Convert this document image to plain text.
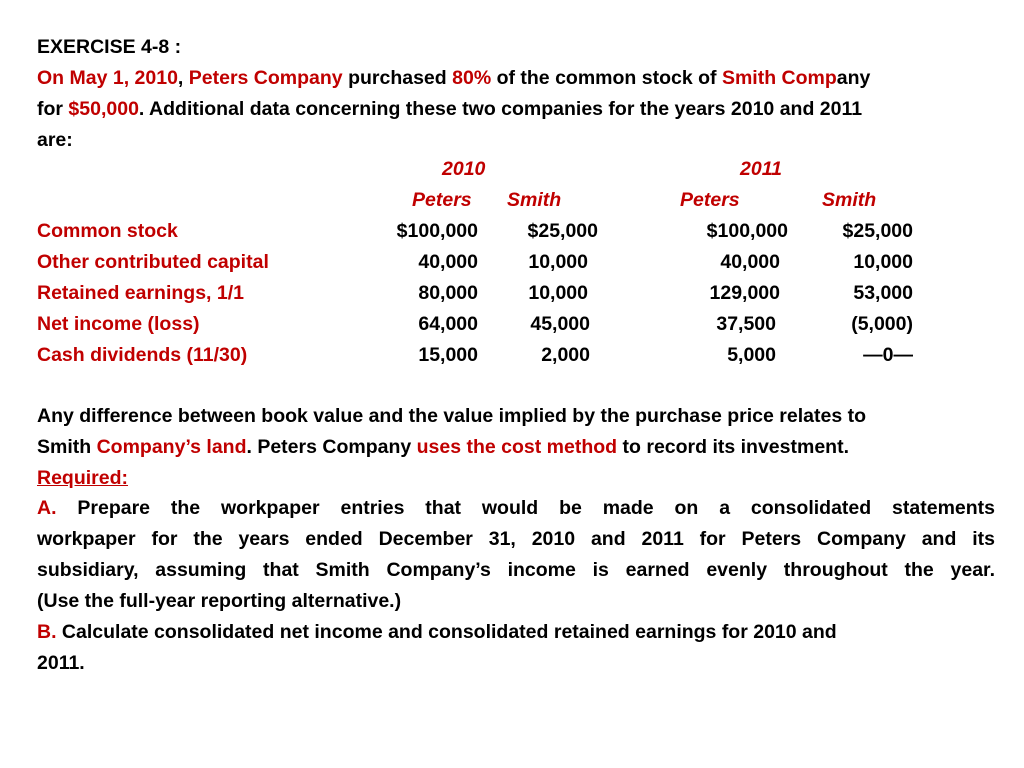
EXERCISE 4-8 :
On May 1, 2010, Peters Company purchased 80% of the common stock of Smith Company
for $50,000. Additional data concerning these two companies for the years 2010 and 2011
are:
2010	2011
Peters Smith	Peters	Smith
Common stock	$100,000	$25,000	$100,000	$25,000
Other contributed capital	40,000	10,000	40,000	10,000
Retained earnings, 1/1	80,000	10,000	129,000	53,000
Net income (loss)	64,000	45,000	37,500	(5,000)
Cash dividends (11/30)	15,000	2,000	5,000	—0—
Any difference between book value and the value implied by the purchase price relates to
Smith Company’s land. Peters Company uses the cost method to record its investment.
Required:
A. Prepare the workpaper entries that would be made on a consolidated statements
workpaper for the years ended December 31, 2010 and 2011 for Peters Company and its
subsidiary, assuming that Smith Company’s income is earned evenly throughout the year.
(Use the full-year reporting alternative.)
B. Calculate consolidated net income and consolidated retained earnings for 2010 and
2011.
